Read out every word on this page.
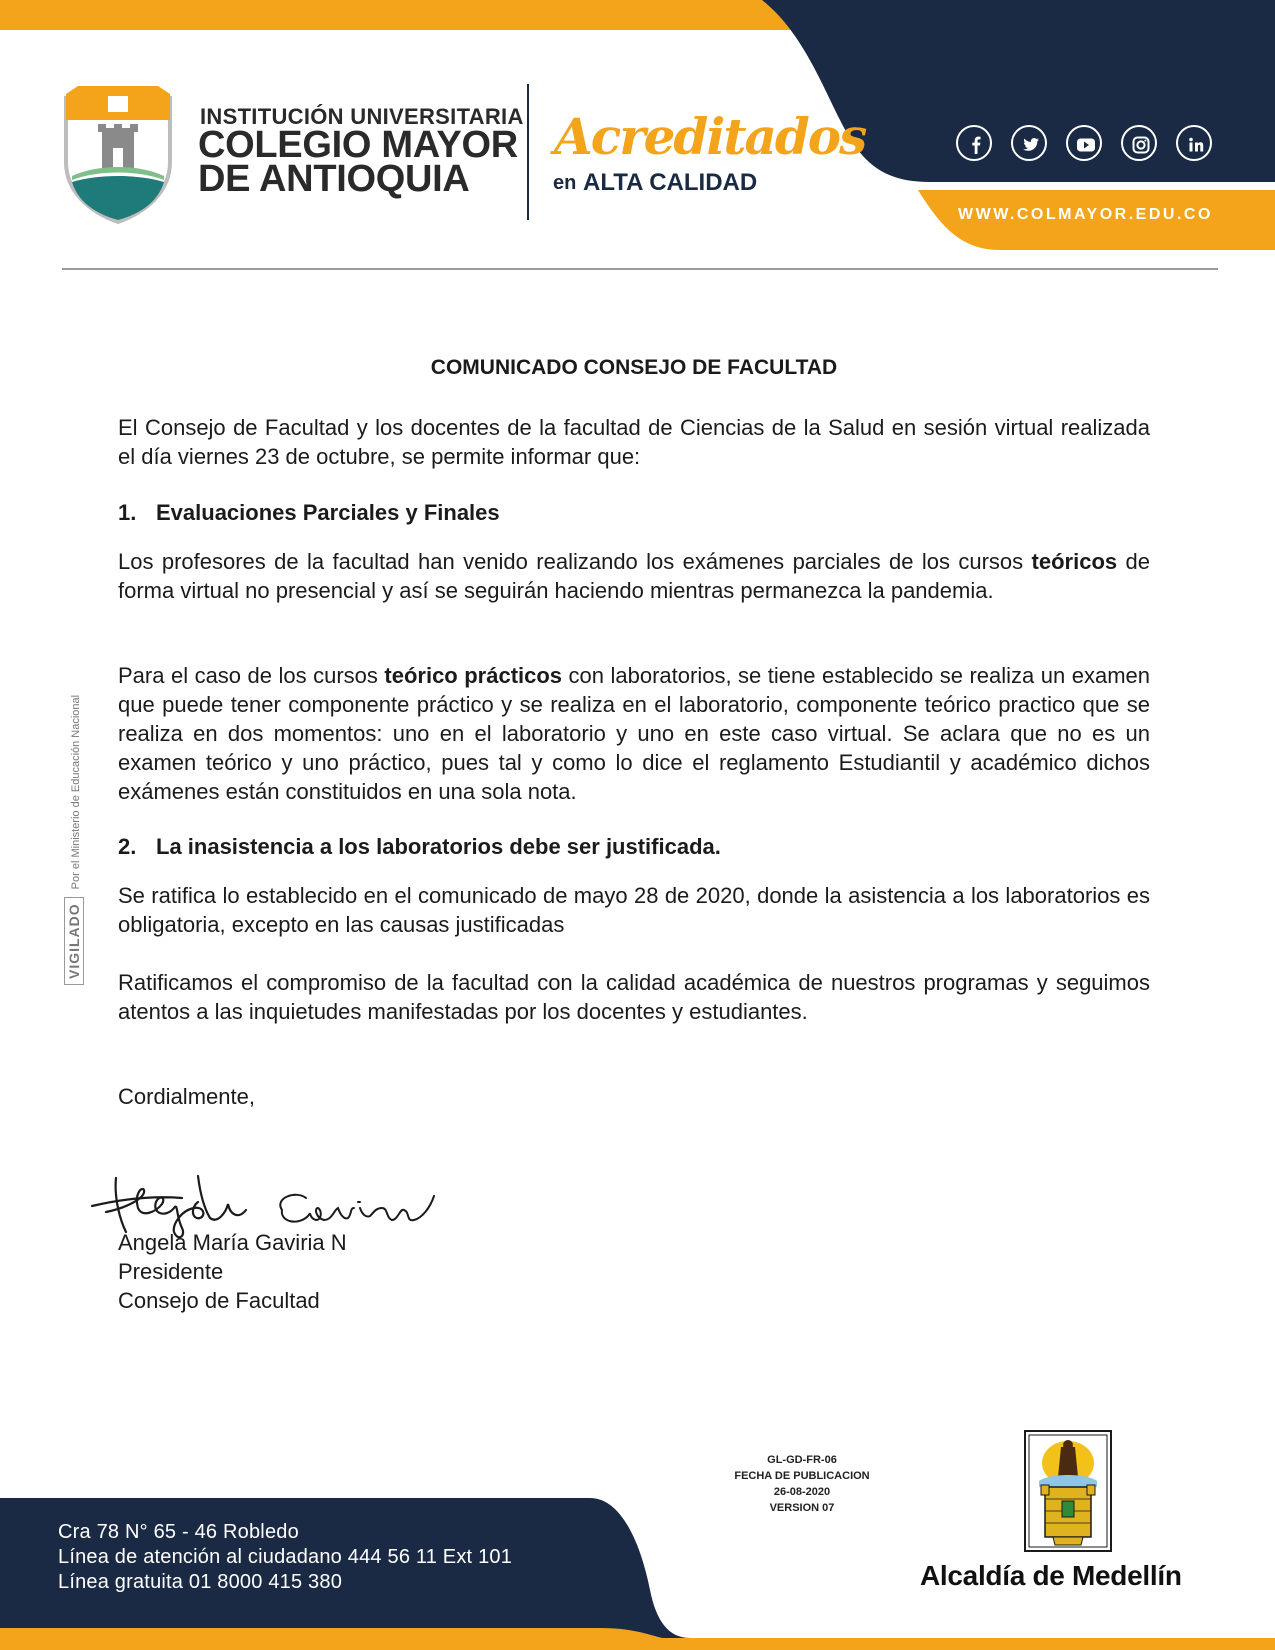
INSTITUCIÓN UNIVERSITARIA
COLEGIO MAYOR
DE ANTIOQUIA
Acreditados
en ALTA CALIDAD
WWW.COLMAYOR.EDU.CO
VIGILADOPor el Ministerio de Educación Nacional
COMUNICADO CONSEJO DE FACULTAD
El Consejo de Facultad y los docentes de la facultad de Ciencias de la Salud en sesión virtual realizada el día viernes 23 de octubre, se permite informar que:
1. Evaluaciones Parciales y Finales
Los profesores de la facultad han venido realizando los exámenes parciales de los cursos teóricos de forma virtual no presencial y así se seguirán haciendo mientras permanezca la pandemia.
Para el caso de los cursos teórico prácticos con laboratorios, se tiene establecido se realiza un examen que puede tener componente práctico y se realiza en el laboratorio, componente teórico practico que se realiza en dos momentos: uno en el laboratorio y uno en este caso virtual. Se aclara que no es un examen teórico y uno práctico, pues tal y como lo dice el reglamento Estudiantil y académico dichos exámenes están constituidos en una sola nota.
2. La inasistencia a los laboratorios debe ser justificada.
Se ratifica lo establecido en el comunicado de mayo 28 de 2020, donde la asistencia a los laboratorios es obligatoria, excepto en las causas justificadas
Ratificamos el compromiso de la facultad con la calidad académica de nuestros programas y seguimos atentos a las inquietudes manifestadas por los docentes y estudiantes.
Cordialmente,
Angela María Gaviria N
Presidente
Consejo de Facultad
Cra 78 N° 65 - 46 Robledo
Línea de atención al ciudadano 444 56 11 Ext 101
Línea gratuita 01 8000 415 380
GL-GD-FR-06
FECHA DE PUBLICACION
26-08-2020
VERSION 07
Alcaldía de Medellín
